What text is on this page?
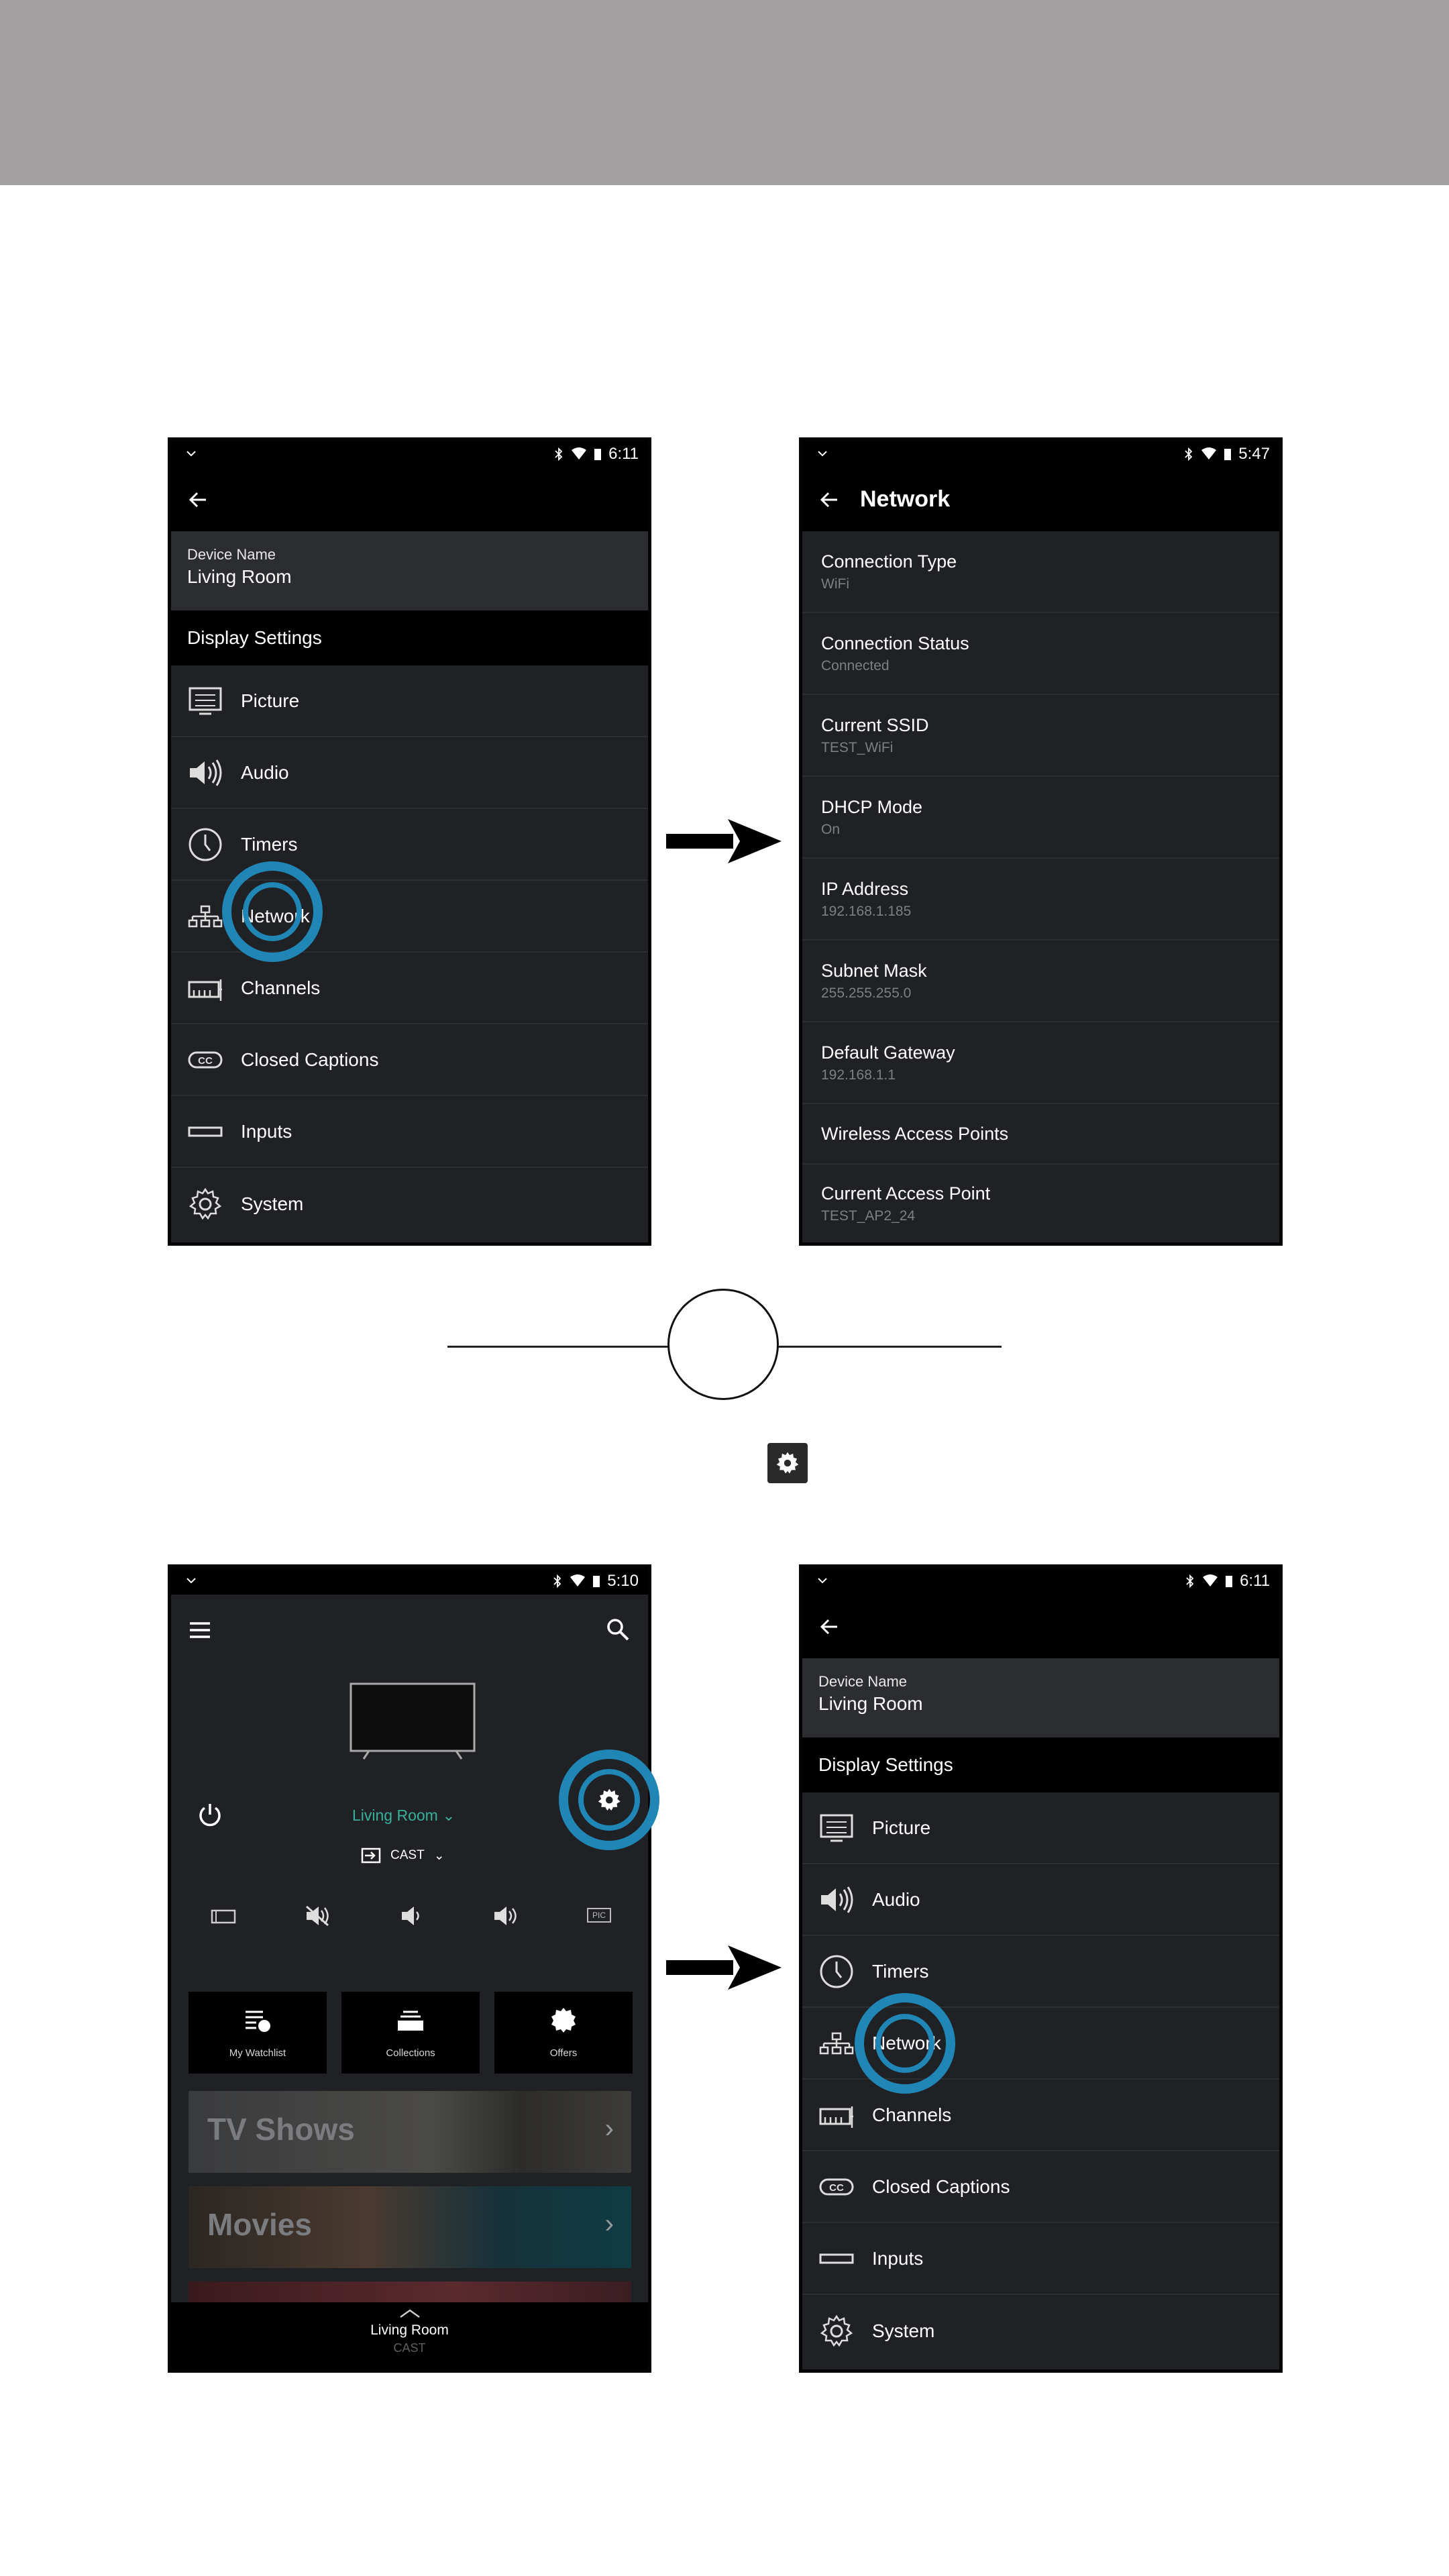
6:11
Device Name
Living Room
Display Settings
Picture
Audio
Timers
Network
Channels
CC Closed Captions
Inputs
System
5:47
Network
Connection Type
WiFi
Connection Status
Connected
Current SSID
TEST_WiFi
DHCP Mode
On
IP Address
192.168.1.185
Subnet Mask
255.255.255.0
Default Gateway
192.168.1.1
Wireless Access Points
Current Access Point
TEST_AP2_24
5:10
Living Room ⌄
CAST ⌄
PIC
My Watchlist	Collections	Offers
TV Shows	›
Movies	›
Living Room
CAST
6:11
Device Name
Living Room
Display Settings
Picture
Audio
Timers
Network
Channels
CC Closed Captions
Inputs
System
